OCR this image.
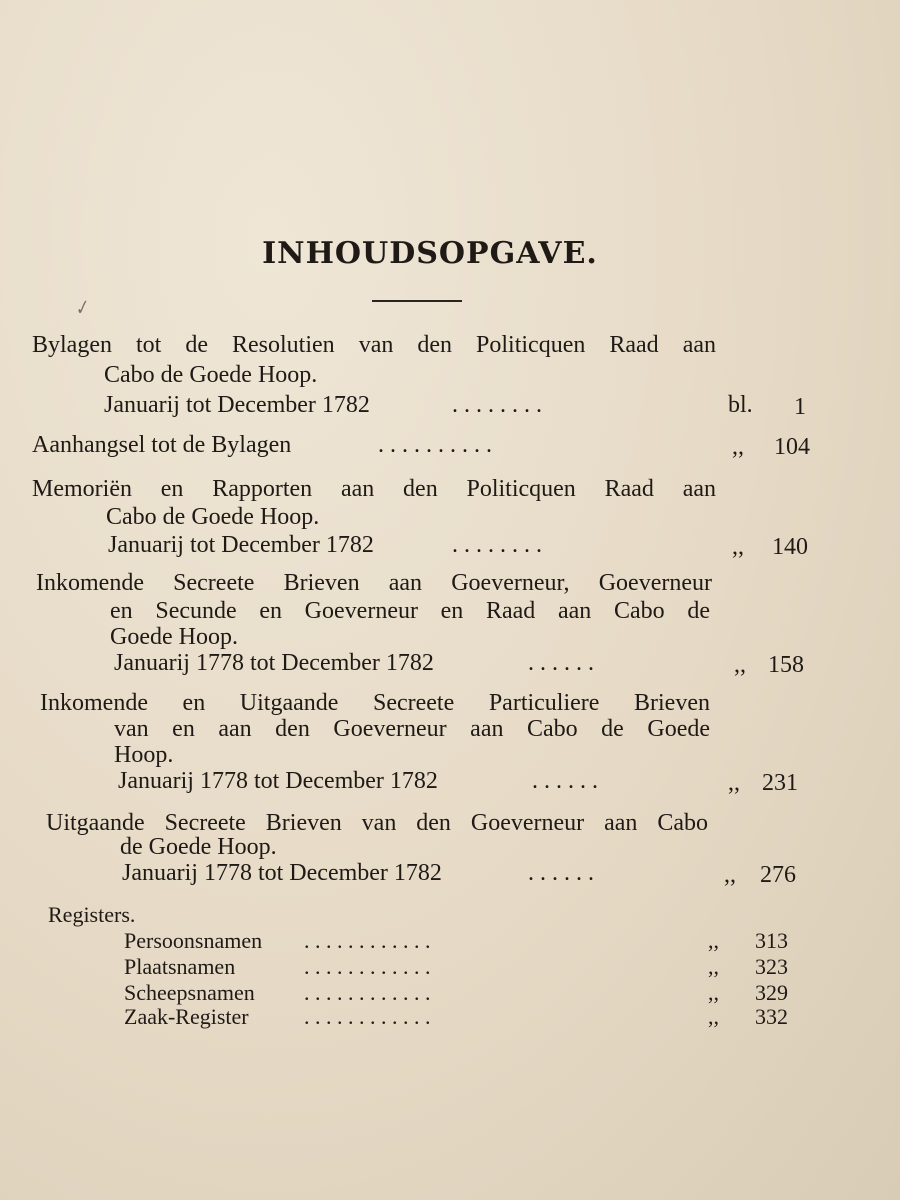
INHOUDSOPGAVE.
✓
Bylagen tot de Resolutien van den Politicquen Raad aan
Cabo de Goede Hoop.
Januarij tot December 1782	. . . . . . . .	bl. 1
Aanhangsel tot de Bylagen	. . . . . . . . . .	,,	104
Memoriën en Rapporten aan den Politicquen Raad aan
Cabo de Goede Hoop.
Januarij tot December 1782	. . . . . . . .	,,	140
Inkomende Secreete Brieven aan Goeverneur, Goeverneur
en Secunde en Goeverneur en Raad aan Cabo de
Goede Hoop.
Januarij 1778 tot December 1782	. . . . . .	,, 158
Inkomende en Uitgaande Secreete Particuliere Brieven
van en aan den Goeverneur aan Cabo de Goede
Hoop.
Januarij 1778 tot December 1782	. . . . . .	,, 231
Uitgaande Secreete Brieven van den Goeverneur aan Cabo
de Goede Hoop.
Januarij 1778 tot December 1782	. . . . . .	,,	276
Registers.
Persoonsnamen . . . . . . . . . . . .	,,	313
Plaatsnamen	. . . . . . . . . . . .	,,	323
Scheepsnamen . . . . . . . . . . . .	,,	329
Zaak-Register	. . . . . . . . . . . .	,,	332
